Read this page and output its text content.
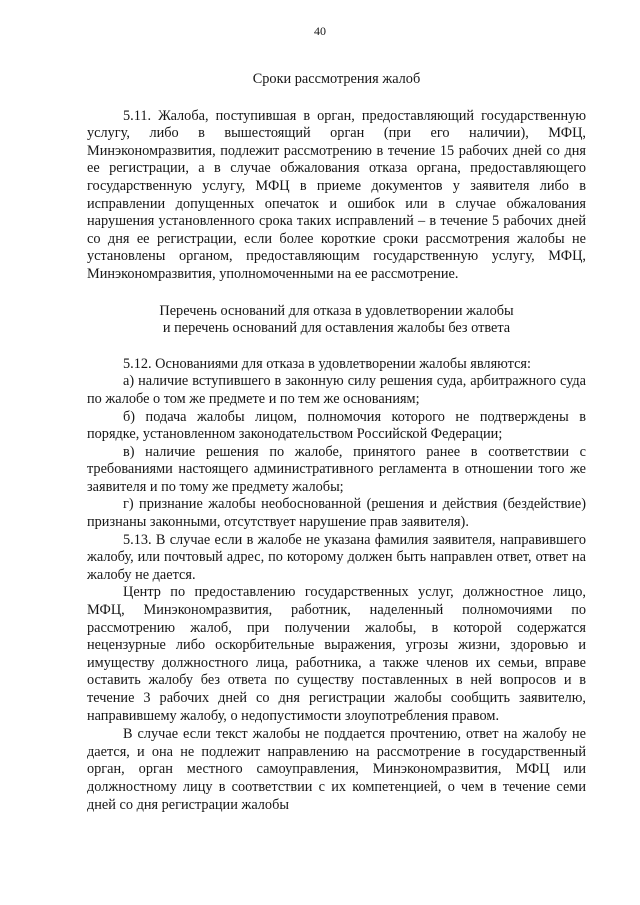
40

Сроки рассмотрения жалоб

5.11. Жалоба, поступившая в орган, предоставляющий государственную услугу, либо в вышестоящий орган (при его наличии), МФЦ, Минэкономразвития, подлежит рассмотрению в течение 15 рабочих дней со дня ее регистрации, а в случае обжалования отказа органа, предоставляющего государственную услугу, МФЦ в приеме документов у заявителя либо в исправлении допущенных опечаток и ошибок или в случае обжалования нарушения установленного срока таких исправлений – в течение 5 рабочих дней со дня ее регистрации, если более короткие сроки рассмотрения жалобы не установлены органом, предоставляющим государственную услугу, МФЦ, Минэкономразвития, уполномоченными на ее рассмотрение.

Перечень оснований для отказа в удовлетворении жалобы
и перечень оснований для оставления жалобы без ответа

5.12. Основаниями для отказа в удовлетворении жалобы являются:

а) наличие вступившего в законную силу решения суда, арбитражного суда по жалобе о том же предмете и по тем же основаниям;

б) подача жалобы лицом, полномочия которого не подтверждены в порядке, установленном законодательством Российской Федерации;

в) наличие решения по жалобе, принятого ранее в соответствии с требованиями настоящего административного регламента в отношении того же заявителя и по тому же предмету жалобы;

г) признание жалобы необоснованной (решения и действия (бездействие) признаны законными, отсутствует нарушение прав заявителя).

5.13. В случае если в жалобе не указана фамилия заявителя, направившего жалобу, или почтовый адрес, по которому должен быть направлен ответ, ответ на жалобу не дается.

Центр по предоставлению государственных услуг, должностное лицо, МФЦ, Минэкономразвития, работник, наделенный полномочиями по рассмотрению жалоб, при получении жалобы, в которой содержатся нецензурные либо оскорбительные выражения, угрозы жизни, здоровью и имуществу должностного лица, работника, а также членов их семьи, вправе оставить жалобу без ответа по существу поставленных в ней вопросов и в течение 3 рабочих дней со дня регистрации жалобы сообщить заявителю, направившему жалобу, о недопустимости злоупотребления правом.

В случае если текст жалобы не поддается прочтению, ответ на жалобу не дается, и она не подлежит направлению на рассмотрение в государственный орган, орган местного самоуправления, Минэкономразвития, МФЦ или должностному лицу в соответствии с их компетенцией, о чем в течение семи дней со дня регистрации жалобы
